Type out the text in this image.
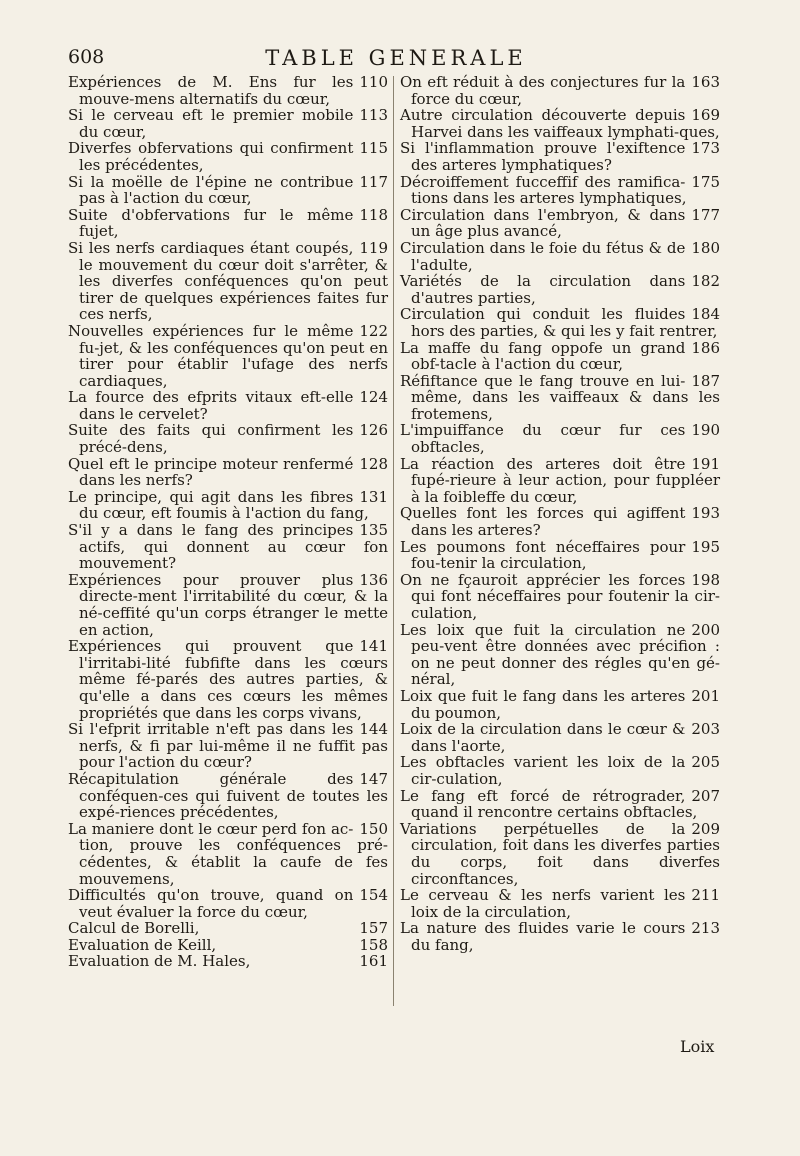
608	TABLE GENERALE
110
Expériences de M. Ens fur les mouve-mens alternatifs du cœur,
113
Si le cerveau eft le premier mobile du cœur,
115
Diverfes obfervations qui confirment les précédentes,
117
Si la moëlle de l'épine ne contribue pas à l'action du cœur,
118
Suite d'obfervations fur le même fujet,
119
Si les nerfs cardiaques étant coupés, le mouvement du cœur doit s'arrêter, & les diverfes conféquences qu'on peut tirer de quelques expériences faites fur ces nerfs,
122
Nouvelles expériences fur le même fu-jet, & les conféquences qu'on peut en tirer pour établir l'ufage des nerfs cardiaques,
124
La fource des efprits vitaux eft-elle dans le cervelet?
126
Suite des faits qui confirment les précé-dens,
128
Quel eft le principe moteur renfermé dans les nerfs?
131
Le principe, qui agit dans les fibres du cœur, eft foumis à l'action du fang,
135
S'il y a dans le fang des principes actifs, qui donnent au cœur fon mouvement?
136
Expériences pour prouver plus directe-ment l'irritabilité du cœur, & la né-ceffité qu'un corps étranger le mette en action,
141
Expériences qui prouvent que l'irritabi-lité fubfifte dans les cœurs même fé-parés des autres parties, & qu'elle a dans ces cœurs les mêmes propriétés que dans les corps vivans,
144
Si l'efprit irritable n'eft pas dans les nerfs, & fi par lui-même il ne fuffit pas pour l'action du cœur?
147
Récapitulation générale des conféquen-ces qui fuivent de toutes les expé-riences précédentes,
150
La maniere dont le cœur perd fon ac-tion, prouve les conféquences pré-cédentes, & établit la caufe de fes mouvemens,
154
Difficultés qu'on trouve, quand on veut évaluer la force du cœur,
157
Calcul de Borelli,
158
Evaluation de Keill,
161
Evaluation de M. Hales,
163
On eft réduit à des conjectures fur la force du cœur,
169
Autre circulation découverte depuis Harvei dans les vaiffeaux lymphati-ques,
173
Si l'inflammation prouve l'exiftence des arteres lymphatiques?
175
Décroiffement fucceffif des ramifica-tions dans les arteres lymphatiques,
177
Circulation dans l'embryon, & dans un âge plus avancé,
180
Circulation dans le foie du fétus & de l'adulte,
182
Variétés de la circulation dans d'autres parties,
184
Circulation qui conduit les fluides hors des parties, & qui les y fait rentrer,
186
La maffe du fang oppofe un grand obf-tacle à l'action du cœur,
187
Réfiftance que le fang trouve en lui-même, dans les vaiffeaux & dans les frotemens,
190
L'impuiffance du cœur fur ces obftacles,
191
La réaction des arteres doit être fupé-rieure à leur action, pour fuppléer à la foibleffe du cœur,
193
Quelles font les forces qui agiffent dans les arteres?
195
Les poumons font néceffaires pour fou-tenir la circulation,
198
On ne fçauroit apprécier les forces qui font néceffaires pour foutenir la cir-culation,
200
Les loix que fuit la circulation ne peu-vent être données avec précifion : on ne peut donner des régles qu'en gé-néral,
201
Loix que fuit le fang dans les arteres du poumon,
203
Loix de la circulation dans le cœur & dans l'aorte,
205
Les obftacles varient les loix de la cir-culation,
207
Le fang eft forcé de rétrograder, quand il rencontre certains obftacles,
209
Variations perpétuelles de la circulation, foit dans les diverfes parties du corps, foit dans diverfes circonftances,
211
Le cerveau & les nerfs varient les loix de la circulation,
213
La nature des fluides varie le cours du fang,
Loix
